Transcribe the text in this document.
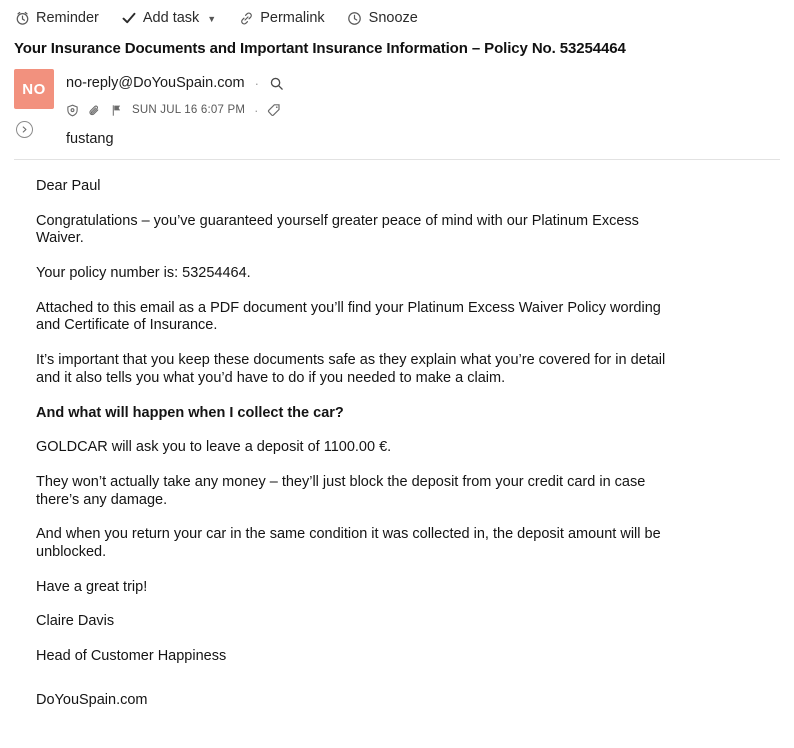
Reminder	Add task ▼	Permalink	Snooze
Your Insurance Documents and Important Insurance Information – Policy No. 53254464
NO	no-reply@DoYouSpain.com ·
SUN JUL 16 6:07 PM ·
fustang

Dear Paul

Congratulations – you’ve guaranteed yourself greater peace of mind with our Platinum Excess Waiver.

Your policy number is: 53254464.

Attached to this email as a PDF document you’ll find your Platinum Excess Waiver Policy wording and Certificate of Insurance.

It’s important that you keep these documents safe as they explain what you’re covered for in detail and it also tells you what you’d have to do if you needed to make a claim.

And what will happen when I collect the car?

GOLDCAR will ask you to leave a deposit of 1100.00 €.

They won’t actually take any money – they’ll just block the deposit from your credit card in case there’s any damage.

And when you return your car in the same condition it was collected in, the deposit amount will be unblocked.

Have a great trip!

Claire Davis

Head of Customer Happiness

DoYouSpain.com
